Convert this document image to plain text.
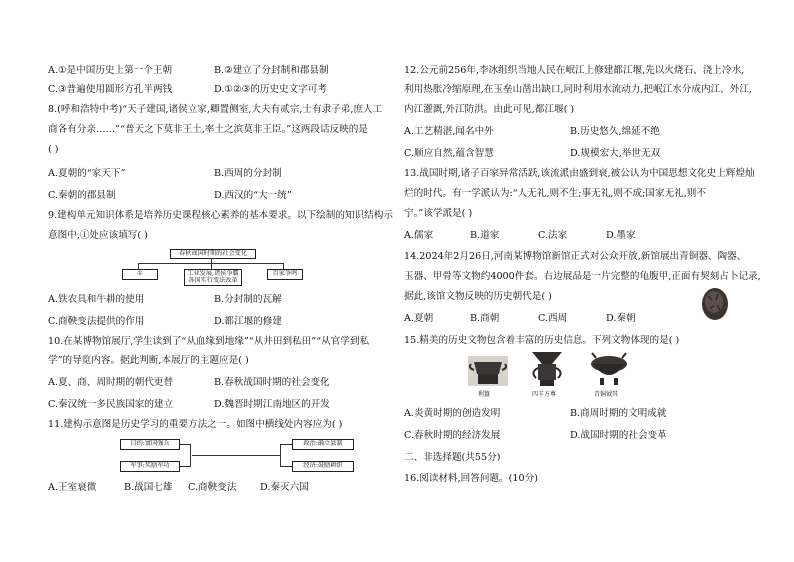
A.①是中国历史上第一个王朝	B.②建立了分封制和郡县制
C.③普遍使用圆形方孔半两钱	D.①②③的历史史文字可考
8.(呼和浩特中考)“天子建国,诸侯立家,卿置侧室,大夫有贰宗,士有隶子弟,庶人工
商各有分亲……”“普天之下莫非王土,率土之滨莫非王臣。”这两段话反映的是
( )
A.夏朝的“家天下”	B.西周的分封制
C.秦朝的郡县制	D.西汉的“大一统”
9.建构单元知识体系是培养历史课程核心素养的基本要求。以下绘制的知识结构示
意图中,①处应该填写( )
春秋战国时期的社会变化
①	工业发展,诸侯争霸
各国实行变法改革
百家争鸣
A.铁农具和牛耕的使用	B.分封制的瓦解
C.商鞅变法提供的作用	D.都江堰的修建
10.在某博物馆展厅,学生读到了“从血缘到地缘”“从井田到私田”“从官学到私
学”的导览内容。据此判断,本展厅的主题应是( )
A.夏、商、周时期的朝代更替	B.春秋战国时期的社会变化
C.秦汉统一多民族国家的建立	D.魏晋时期江南地区的开发
11.建构示意图是历史学习的重要方法之一。如图中横线处内容应为( )
目的:富国强兵
军事:奖励军功
政治:确立县制
经济:鼓励耕织
A.王室衰微	B.战国七雄 C.商鞅变法 D.秦灭六国
12.公元前256年,李冰组织当地人民在岷江上修建都江堰,先以火烧石、浇上冷水,
利用热胀冷缩原理,在玉垒山凿出缺口,同时利用水流动力,把岷江水分成内江、外江,
内江灌溉,外江防洪。由此可见,都江堰( )
A.工艺精湛,闻名中外	B.历史悠久,绵延不绝
C.顺应自然,蕴含智慧	D.规模宏大,举世无双
13.战国时期,诸子百家异常活跃,该流派由盛到衰,被公认为中国思想文化史上辉煌灿
烂的时代。有一学派认为:“人无礼,则不生;事无礼,则不成;国家无礼,则不
宁。”该学派是( )
A.儒家	B.道家	C.法家	D.墨家
14.2024年2月26日,河南某博物馆新馆正式对公众开放,新馆展出青铜器、陶器、
玉器、甲骨等文物约4000件套。右边展品是一片完整的龟腹甲,正面有契刻占卜记录,
据此,该馆文物反映的历史朝代是( )
A.夏朝	B.商朝	C.西周	D.秦朝
15.精美的历史文物包含着丰富的历史信息。下列文物体现的是( )
利簋	四羊方尊	青铜钺其
A.炎黄时期的创造发明	B.商周时期的文明成就
C.春秋时期的经济发展	D.战国时期的社会变革
二、非选择题(共55分)
16.阅读材料,回答问题。(10分)
